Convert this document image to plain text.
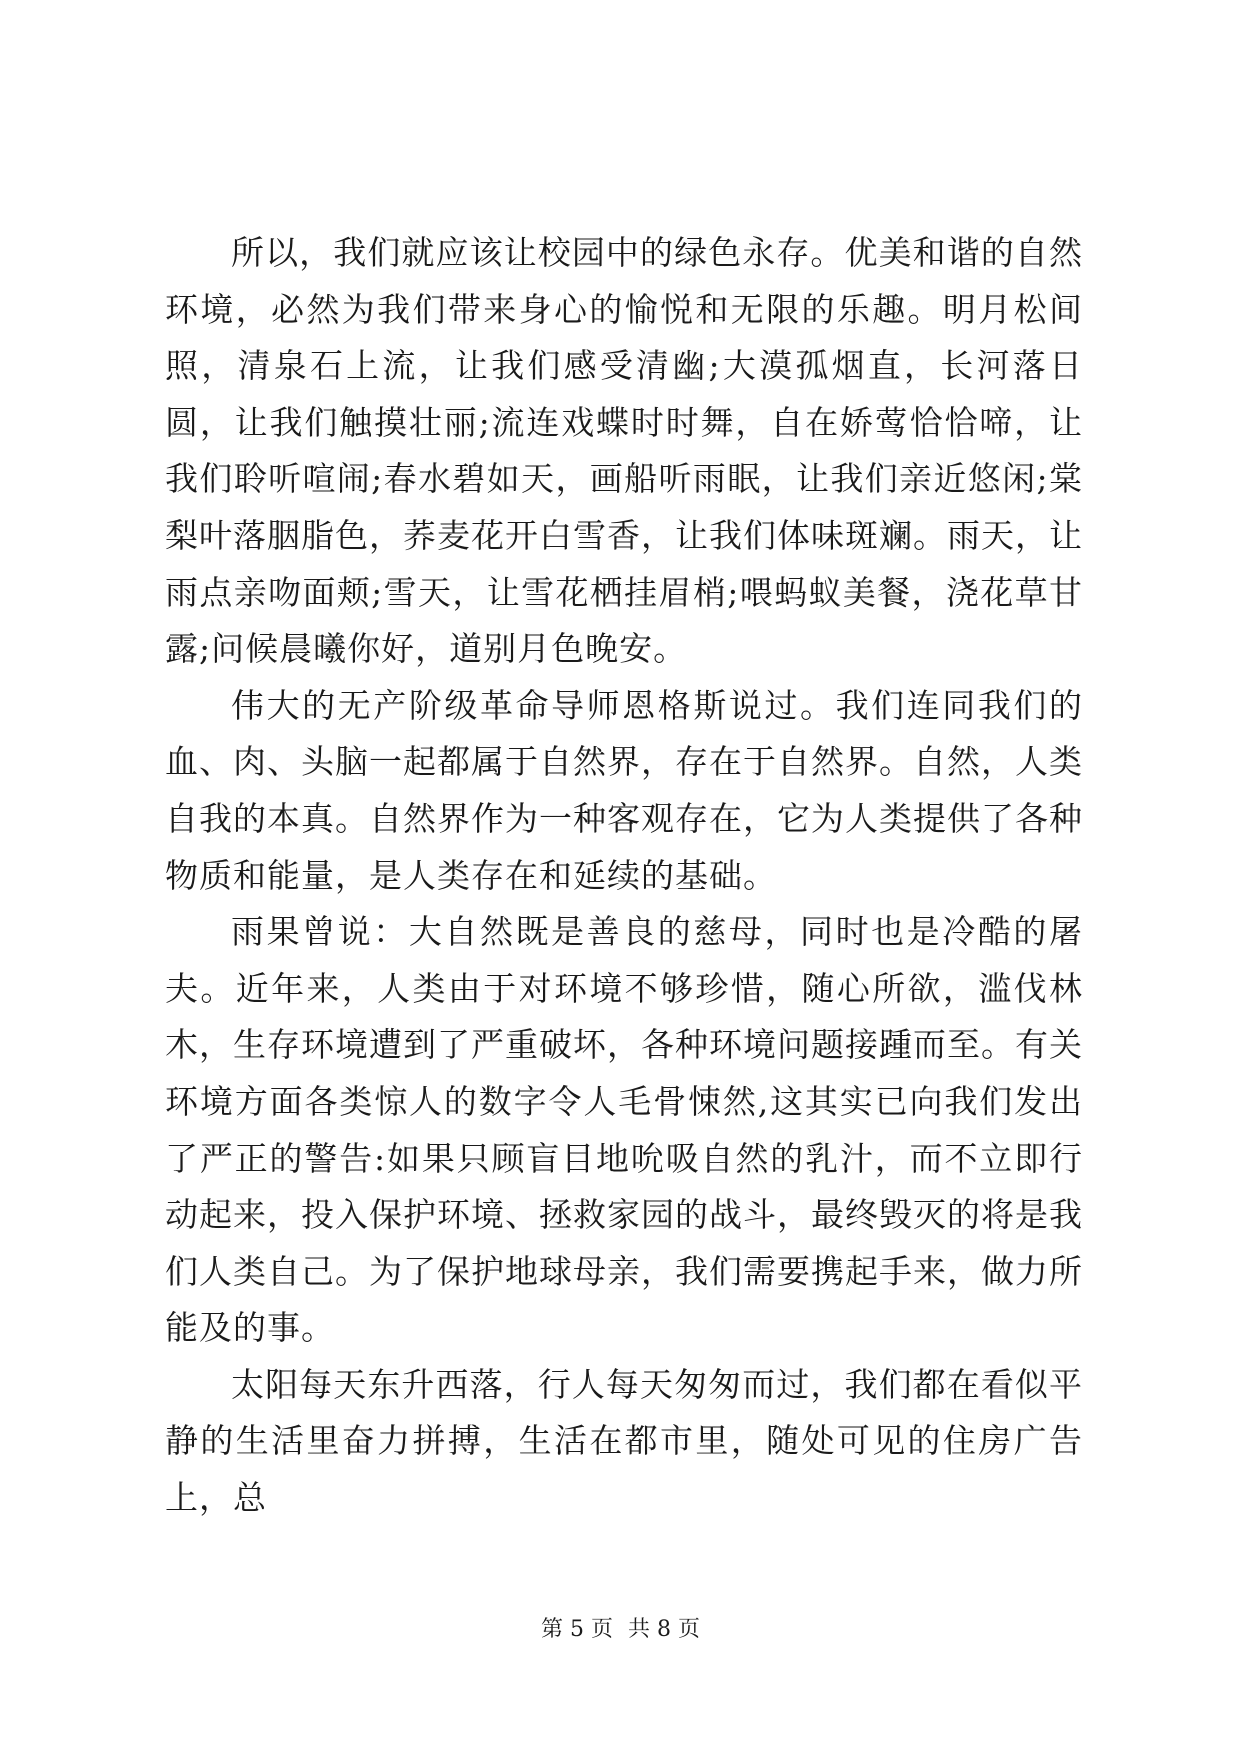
所以，我们就应该让校园中的绿色永存。优美和谐的自然环境，必然为我们带来身心的愉悦和无限的乐趣。明月松间照，清泉石上流，让我们感受清幽;大漠孤烟直，长河落日圆，让我们触摸壮丽;流连戏蝶时时舞，自在娇莺恰恰啼，让我们聆听喧闹;春水碧如天，画船听雨眠，让我们亲近悠闲;棠梨叶落胭脂色，荞麦花开白雪香，让我们体味斑斓。雨天，让雨点亲吻面颊;雪天，让雪花栖挂眉梢;喂蚂蚁美餐，浇花草甘露;问候晨曦你好，道别月色晚安。

伟大的无产阶级革命导师恩格斯说过。我们连同我们的血、肉、头脑一起都属于自然界，存在于自然界。自然，人类自我的本真。自然界作为一种客观存在，它为人类提供了各种物质和能量，是人类存在和延续的基础。

雨果曾说：大自然既是善良的慈母，同时也是冷酷的屠夫。近年来，人类由于对环境不够珍惜，随心所欲，滥伐林木，生存环境遭到了严重破坏，各种环境问题接踵而至。有关环境方面各类惊人的数字令人毛骨悚然,这其实已向我们发出了严正的警告:如果只顾盲目地吮吸自然的乳汁，而不立即行动起来，投入保护环境、拯救家园的战斗，最终毁灭的将是我们人类自己。为了保护地球母亲，我们需要携起手来，做力所能及的事。

太阳每天东升西落，行人每天匆匆而过，我们都在看似平静的生活里奋力拼搏，生活在都市里，随处可见的住房广告上，总

第 5 页 共 8 页
